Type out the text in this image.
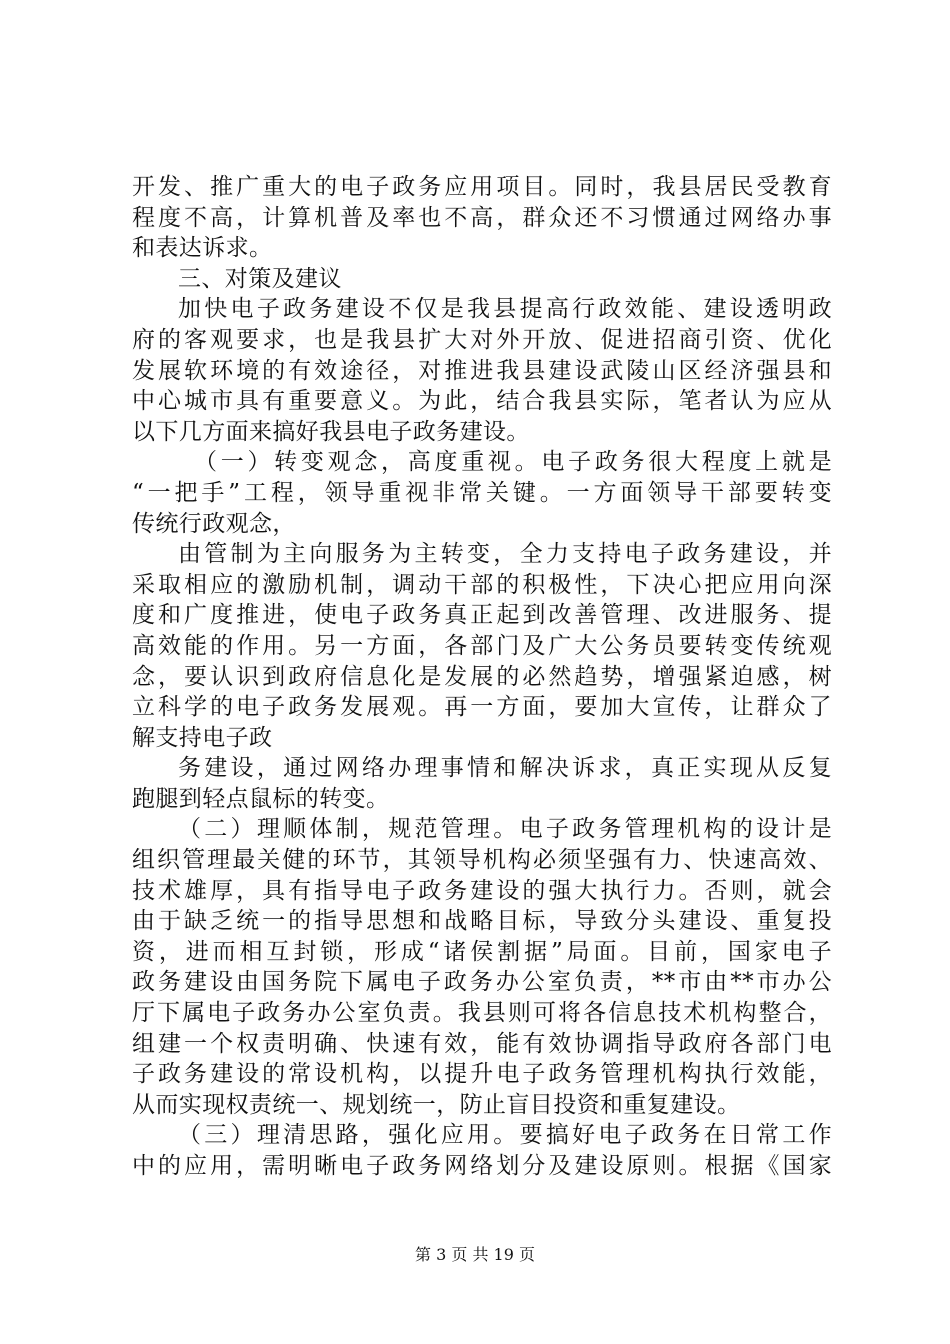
开发、推广重大的电子政务应用项目。同时，我县居民受教育
程度不高，计算机普及率也不高，群众还不习惯通过网络办事
和表达诉求。
三、对策及建议
加快电子政务建设不仅是我县提高行政效能、建设透明政
府的客观要求，也是我县扩大对外开放、促进招商引资、优化
发展软环境的有效途径，对推进我县建设武陵山区经济强县和
中心城市具有重要意义。为此，结合我县实际，笔者认为应从
以下几方面来搞好我县电子政务建设。
（一）转变观念，高度重视。电子政务很大程度上就是
“一把手”工程，领导重视非常关键。一方面领导干部要转变
传统行政观念，
由管制为主向服务为主转变，全力支持电子政务建设，并
采取相应的激励机制，调动干部的积极性，下决心把应用向深
度和广度推进，使电子政务真正起到改善管理、改进服务、提
高效能的作用。另一方面，各部门及广大公务员要转变传统观
念，要认识到政府信息化是发展的必然趋势，增强紧迫感，树
立科学的电子政务发展观。再一方面，要加大宣传，让群众了
解支持电子政
务建设，通过网络办理事情和解决诉求，真正实现从反复
跑腿到轻点鼠标的转变。
（二）理顺体制，规范管理。电子政务管理机构的设计是
组织管理最关健的环节，其领导机构必须坚强有力、快速高效、
技术雄厚，具有指导电子政务建设的强大执行力。否则，就会
由于缺乏统一的指导思想和战略目标，导致分头建设、重复投
资，进而相互封锁，形成“诸侯割据”局面。目前，国家电子
政务建设由国务院下属电子政务办公室负责，**市由**市办公
厅下属电子政务办公室负责。我县则可将各信息技术机构整合，
组建一个权责明确、快速有效，能有效协调指导政府各部门电
子政务建设的常设机构，以提升电子政务管理机构执行效能，
从而实现权责统一、规划统一，防止盲目投资和重复建设。
（三）理清思路，强化应用。要搞好电子政务在日常工作
中的应用，需明晰电子政务网络划分及建设原则。根据《国家
第 3 页 共 19 页
